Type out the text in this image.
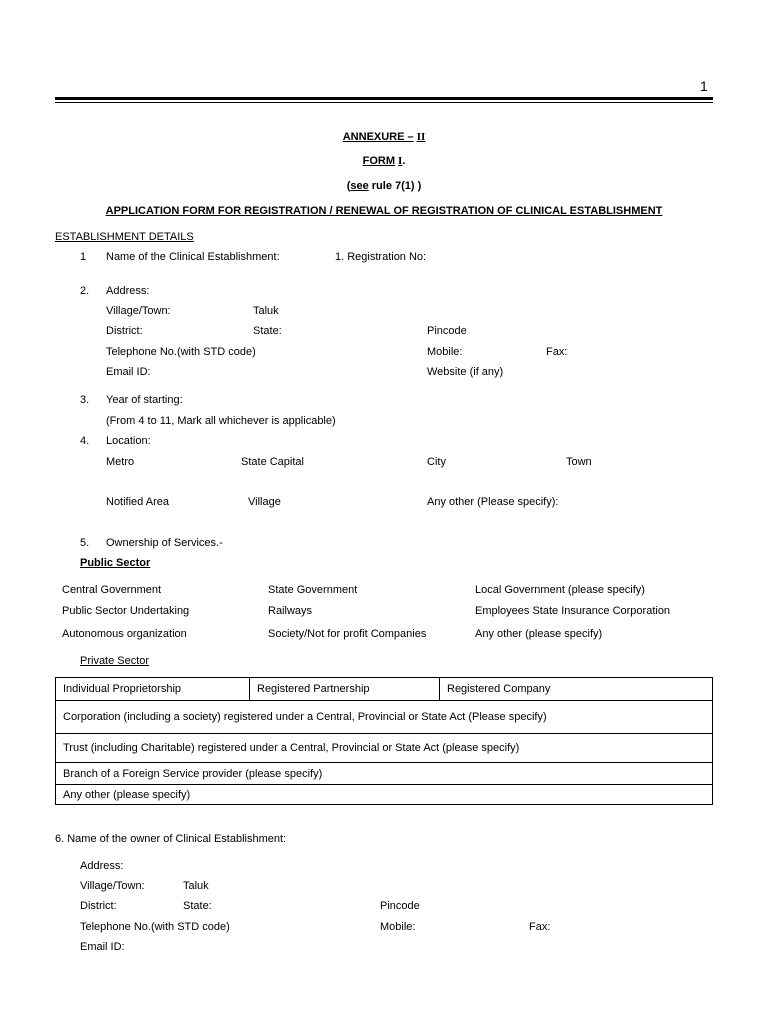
1
ANNEXURE – II
FORM I.
(see rule 7(1) )
APPLICATION FORM FOR REGISTRATION / RENEWAL OF REGISTRATION OF CLINICAL ESTABLISHMENT
ESTABLISHMENT DETAILS
1 Name of the Clinical Establishment:	1. Registration No:
2. Address:
Village/Town:	Taluk
District:	State:	Pincode
Telephone No.(with STD code)	Mobile:	Fax:
Email ID:	Website (if any)
3. Year of starting:
(From 4 to 11, Mark all whichever is applicable)
4. Location:
Metro	State Capital	City	Town
Notified Area	Village	Any other (Please specify):
5. Ownership of Services.-
Public Sector
Central Government	State Government	Local Government (please specify)
Public Sector Undertaking	Railways	Employees State Insurance Corporation
Autonomous organization	Society/Not for profit Companies	Any other (please specify)
Private Sector
Individual Proprietorship	Registered Partnership	Registered Company
Corporation (including a society) registered under a Central, Provincial or State Act (Please specify)
Trust (including Charitable) registered under a Central, Provincial or State Act (please specify)
Branch of a Foreign Service provider (please specify)
Any other (please specify)
6. Name of the owner of Clinical Establishment:
Address:
Village/Town:	Taluk
District:	State:	Pincode
Telephone No.(with STD code)	Mobile:	Fax:
Email ID:
